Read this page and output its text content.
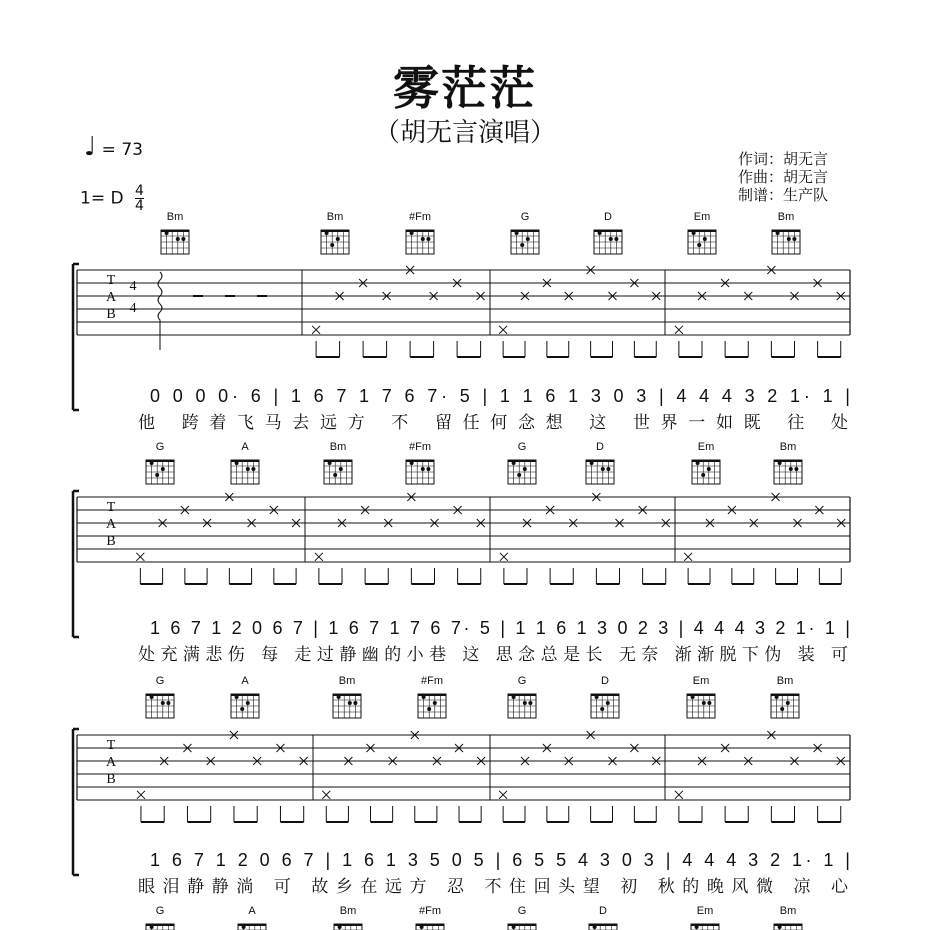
雾茫茫
（胡无言演唱）
♩ = 73
1= D $\frac{4}{4}$
作词：胡无言
作曲：胡无言
制谱：生产队
Bm	Bm	#Fm	G	D	Em	Bm
T
A
B
4
4
0 0 0 0· 6 | 1 6 7 1 7 6 7· 5 | 1 1 6 1 3 0 3 | 4 4 4 3 2 1· 1 |
他 跨着飞马去远方 不 留任何念想 这 世界一如既 往 处
G	A	Bm	#Fm	G	D	Em	Bm
T
A
B
1 6 7 1 2 0 6 7 | 1 6 7 1 7 6 7· 5 | 1 1 6 1 3 0 2 3 | 4 4 4 3 2 1· 1 |
处充满悲伤 每 走过静幽的小巷 这 思念总是长 无奈 渐渐脱下伪 装 可
G	A	Bm	#Fm	G	D	Em	Bm
T
A
B
1 6 7 1 2 0 6 7 | 1 6 1 3 5 0 5 | 6 5 5 4 3 0 3 | 4 4 4 3 2 1· 1 |
眼泪静静淌 可 故乡在远方 忍 不住回头望 初 秋的晚风微 凉 心
G	A	Bm	#Fm	G	D	Em	Bm
